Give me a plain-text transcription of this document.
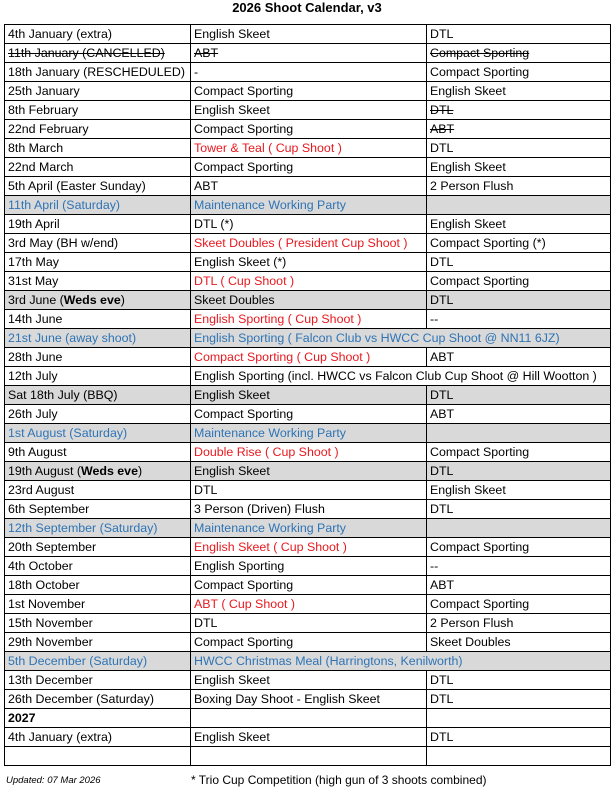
2026 Shoot Calendar, v3
4th January (extra)	English Skeet	DTL
11th January (CANCELLED)	ABT	Compact Sporting
18th January (RESCHEDULED)	-	Compact Sporting
25th January	Compact Sporting	English Skeet
8th February	English Skeet	DTL
22nd February	Compact Sporting	ABT
8th March	Tower & Teal ( Cup Shoot )	DTL
22nd March	Compact Sporting	English Skeet
5th April (Easter Sunday)	ABT	2 Person Flush
11th April (Saturday)	Maintenance Working Party	
19th April	DTL (*)	English Skeet
3rd May (BH w/end)	Skeet Doubles ( President Cup Shoot )	Compact Sporting (*)
17th May	English Skeet (*)	DTL
31st May	DTL ( Cup Shoot )	Compact Sporting
3rd June (Weds eve)	Skeet Doubles	DTL
14th June	English Sporting ( Cup Shoot )	--
21st June (away shoot)	English Sporting ( Falcon Club vs HWCC Cup Shoot @ NN11 6JZ)	
28th June	Compact Sporting ( Cup Shoot )	ABT
12th July	English Sporting (incl. HWCC vs Falcon Club Cup Shoot @ Hill Wootton )	
Sat 18th July (BBQ)	English Skeet	DTL
26th July	Compact Sporting	ABT
1st August (Saturday)	Maintenance Working Party	
9th August	Double Rise ( Cup Shoot )	Compact Sporting
19th August (Weds eve)	English Skeet	DTL
23rd August	DTL	English Skeet
6th September	3 Person (Driven) Flush	DTL
12th September (Saturday)	Maintenance Working Party	
20th September	English Skeet ( Cup Shoot )	Compact Sporting
4th October	English Sporting	--
18th October	Compact Sporting	ABT
1st November	ABT ( Cup Shoot )	Compact Sporting
15th November	DTL	2 Person Flush
29th November	Compact Sporting	Skeet Doubles
5th December (Saturday)	HWCC Christmas Meal (Harringtons, Kenilworth)	
13th December	English Skeet	DTL
26th December (Saturday)	Boxing Day Shoot - English Skeet	DTL
2027		
4th January (extra)	English Skeet	DTL

Updated: 07 Mar 2026	* Trio Cup Competition (high gun of 3 shoots combined)
